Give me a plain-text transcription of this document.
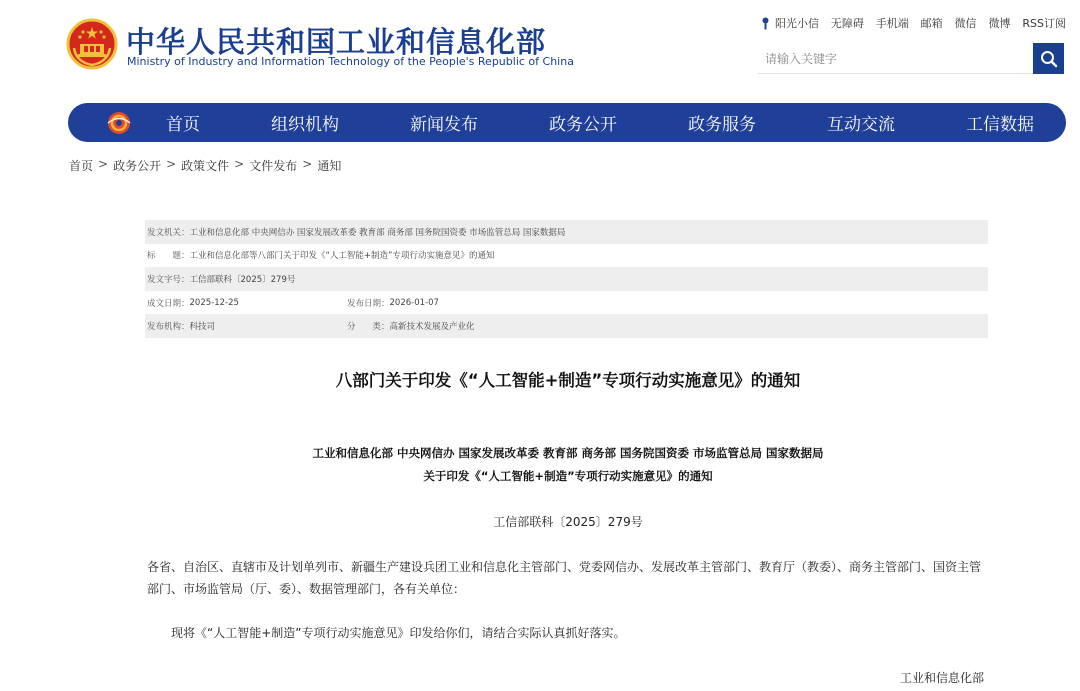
中华人民共和国工业和信息化部
Ministry of Industry and Information Technology of the People's Republic of China
阳光小信 无障碍 手机端 邮箱 微信 微博 RSS订阅
请输入关键字
首页	组织机构	新闻发布	政务公开	政务服务	互动交流	工信数据
首页 > 政务公开 > 政策文件 > 文件发布 > 通知
发文机关： 工业和信息化部 中央网信办 国家发展改革委 教育部 商务部 国务院国资委 市场监管总局 国家数据局
标　　题： 工业和信息化部等八部门关于印发《“人工智能+制造”专项行动实施意见》的通知
发文字号： 工信部联科〔2025〕279号
成文日期： 2025-12-25	发布日期： 2026-01-07
发布机构： 科技司	分　　类： 高新技术发展及产业化
八部门关于印发《“人工智能+制造”专项行动实施意见》的通知
工业和信息化部 中央网信办 国家发展改革委 教育部 商务部 国务院国资委 市场监管总局 国家数据局
关于印发《“人工智能+制造”专项行动实施意见》的通知
工信部联科〔2025〕279号
各省、自治区、直辖市及计划单列市、新疆生产建设兵团工业和信息化主管部门、党委网信办、发展改革主管部门、教育厅（教委）、商务主管部门、国资主管部门、市场监管局（厅、委）、数据管理部门，各有关单位：
现将《“人工智能+制造”专项行动实施意见》印发给你们，请结合实际认真抓好落实。
工业和信息化部
